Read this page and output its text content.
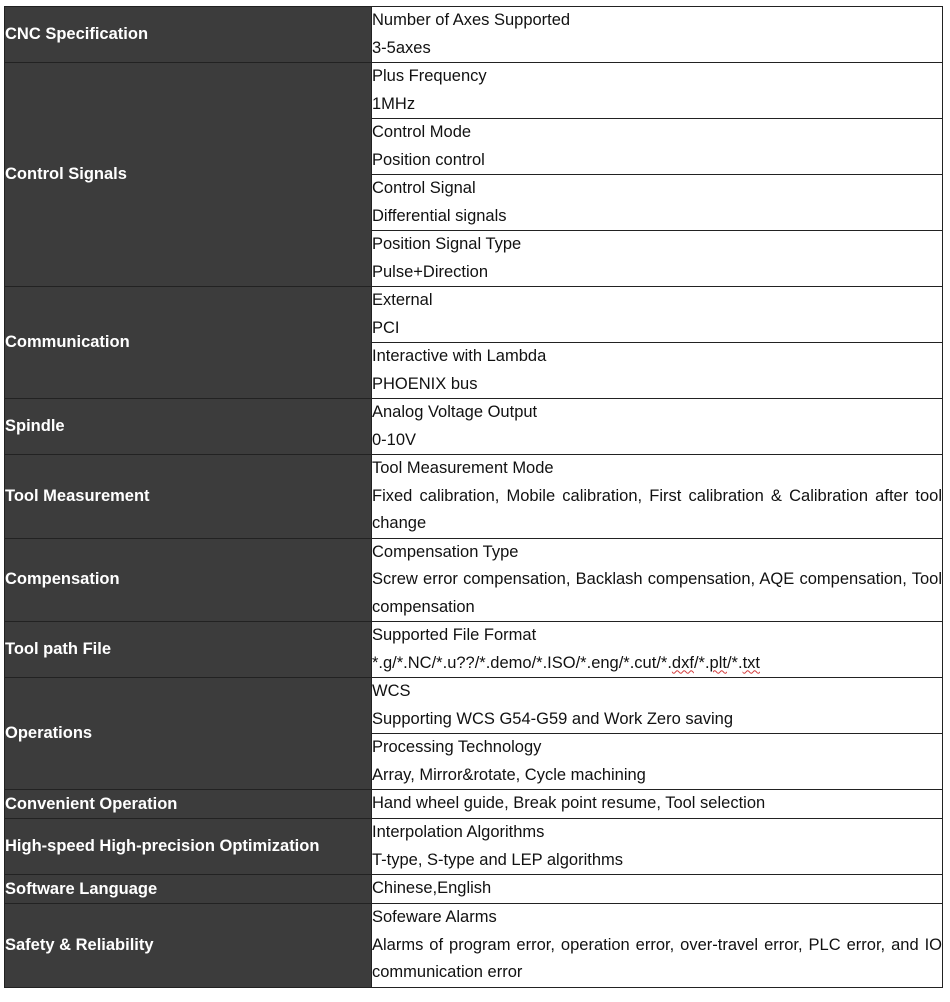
CNC Specification	Number of Axes Supported
3-5axes

Control Signals	Plus Frequency
1MHz

	Control Mode
Position control

	Control Signal
Differential signals

	Position Signal Type
Pulse+Direction

Communication	External
PCI

	Interactive with Lambda
PHOENIX bus

Spindle	Analog Voltage Output
0-10V

Tool Measurement	Tool Measurement Mode
Fixed calibration, Mobile calibration, First calibration & Calibration after tool change

Compensation	Compensation Type
Screw error compensation, Backlash compensation, AQE compensation, Tool compensation

Tool path File	Supported File Format
*.g/*.NC/*.u??/*.demo/*.ISO/*.eng/*.cut/*.dxf/*.plt/*.txt

Operations	WCS
Supporting WCS G54-G59 and Work Zero saving

	Processing Technology
Array, Mirror&rotate, Cycle machining

Convenient Operation	Hand wheel guide, Break point resume, Tool selection

High-speed High-precision Optimization	Interpolation Algorithms
T-type, S-type and LEP algorithms

Software Language	Chinese,English

Safety & Reliability	Sofeware Alarms
Alarms of program error, operation error, over-travel error, PLC error, and IO communication error
